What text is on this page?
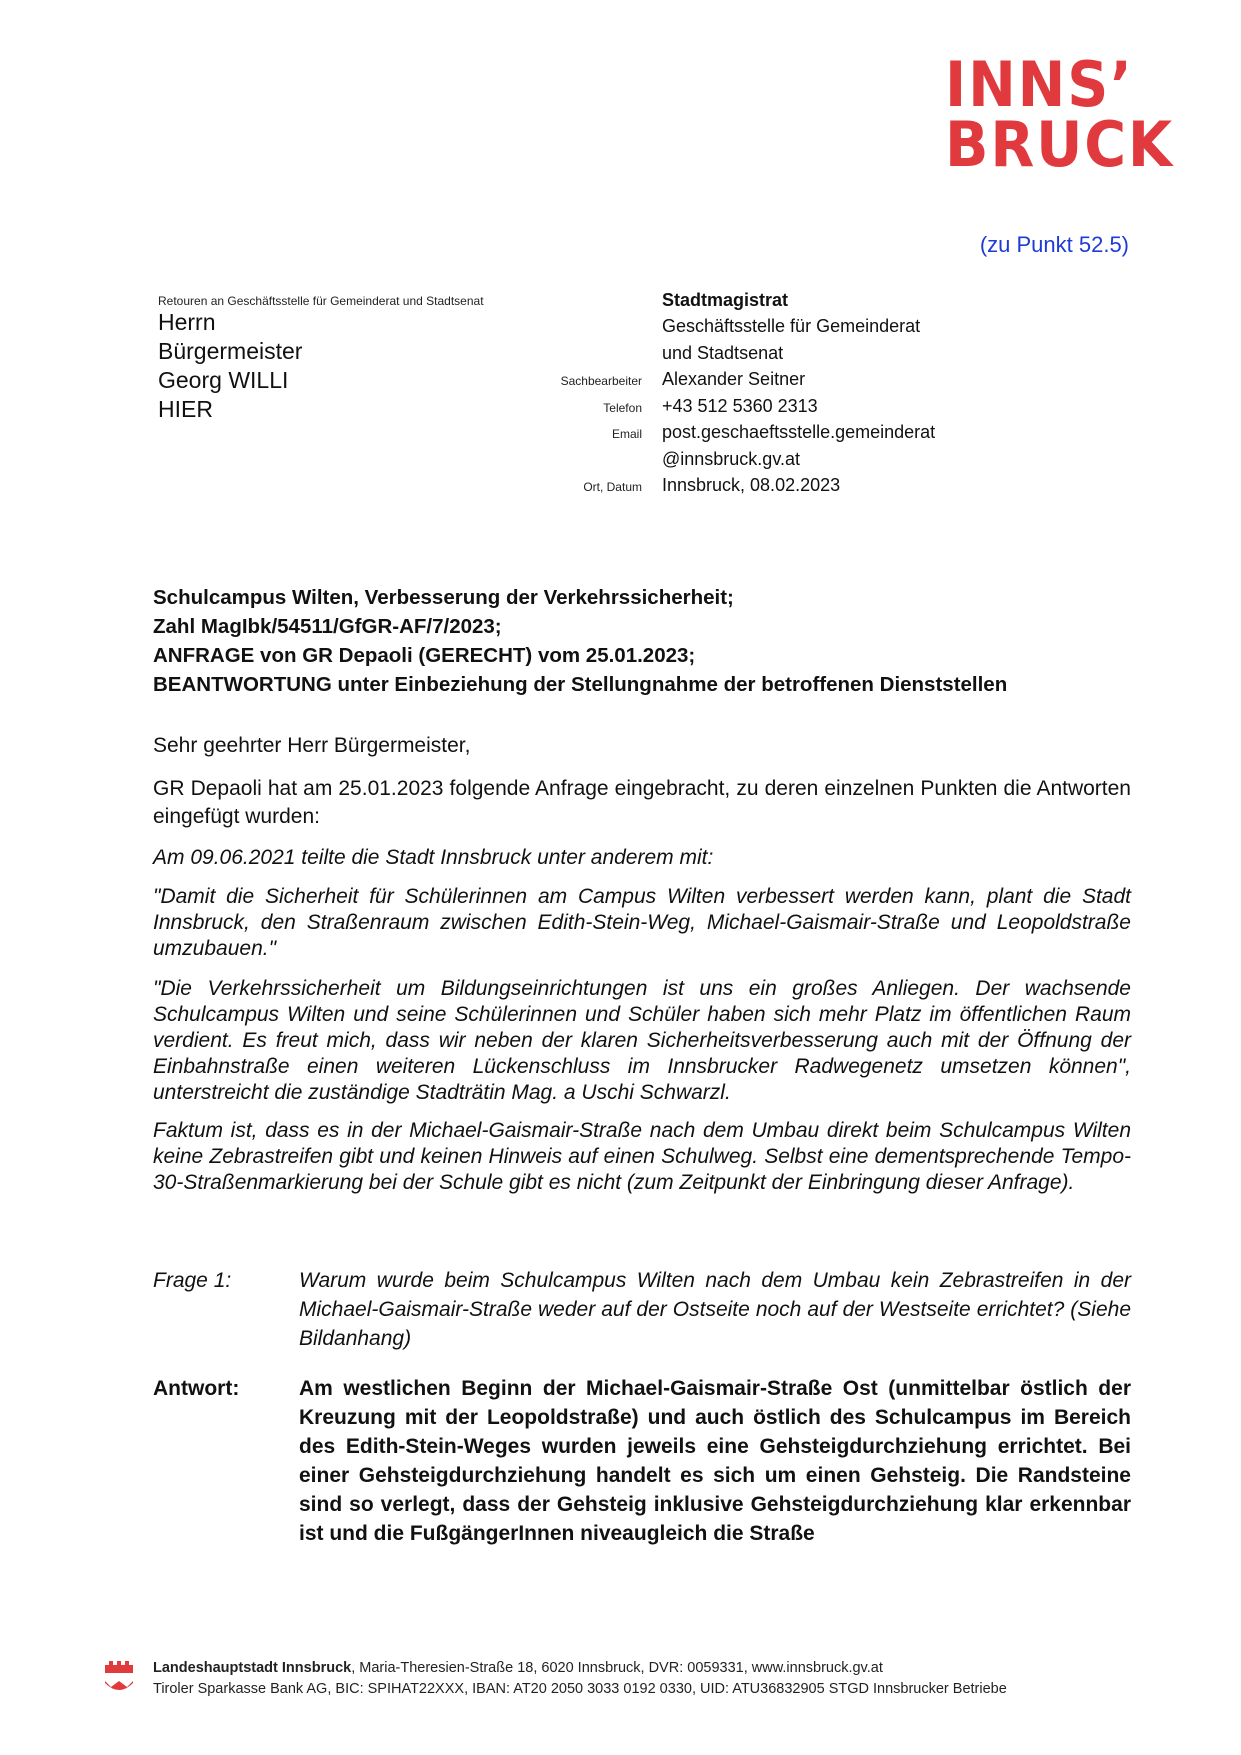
INNS’
BRUCK
(zu Punkt 52.5)
Retouren an Geschäftsstelle für Gemeinderat und Stadtsenat
Herrn
Bürgermeister
Georg WILLI
HIER
Stadtmagistrat
Geschäftsstelle für Gemeinderat
und Stadtsenat
Sachbearbeiter	Alexander Seitner
Telefon	+43 512 5360 2313
Email	post.geschaeftsstelle.gemeinderat
@innsbruck.gv.at
Ort, Datum	Innsbruck, 08.02.2023
Schulcampus Wilten, Verbesserung der Verkehrssicherheit;
Zahl MagIbk/54511/GfGR-AF/7/2023;
ANFRAGE von GR Depaoli (GERECHT) vom 25.01.2023;
BEANTWORTUNG unter Einbeziehung der Stellungnahme der betroffenen Dienststellen
Sehr geehrter Herr Bürgermeister,
GR Depaoli hat am 25.01.2023 folgende Anfrage eingebracht, zu deren einzelnen Punkten die Antworten eingefügt wurden:
Am 09.06.2021 teilte die Stadt Innsbruck unter anderem mit:
"Damit die Sicherheit für Schülerinnen am Campus Wilten verbessert werden kann, plant die Stadt Innsbruck, den Straßenraum zwischen Edith-Stein-Weg, Michael-Gaismair-Straße und Leopoldstraße umzubauen."
"Die Verkehrssicherheit um Bildungseinrichtungen ist uns ein großes Anliegen. Der wachsende Schulcampus Wilten und seine Schülerinnen und Schüler haben sich mehr Platz im öffentlichen Raum verdient. Es freut mich, dass wir neben der klaren Sicherheitsverbesserung auch mit der Öffnung der Einbahnstraße einen weiteren Lückenschluss im Innsbrucker Radwegenetz umsetzen können", unterstreicht die zuständige Stadträtin Mag. a Uschi Schwarzl.
Faktum ist, dass es in der Michael-Gaismair-Straße nach dem Umbau direkt beim Schulcampus Wilten keine Zebrastreifen gibt und keinen Hinweis auf einen Schulweg. Selbst eine dementsprechende Tempo-30-Straßenmarkierung bei der Schule gibt es nicht (zum Zeitpunkt der Einbringung dieser Anfrage).
Frage 1:	Warum wurde beim Schulcampus Wilten nach dem Umbau kein Zebrastreifen in der Michael-Gaismair-Straße weder auf der Ostseite noch auf der Westseite errichtet? (Siehe Bildanhang)
Antwort:	Am westlichen Beginn der Michael-Gaismair-Straße Ost (unmittelbar östlich der Kreuzung mit der Leopoldstraße) und auch östlich des Schulcampus im Bereich des Edith-Stein-Weges wurden jeweils eine Gehsteigdurchziehung errichtet. Bei einer Gehsteigdurchziehung handelt es sich um einen Gehsteig. Die Randsteine sind so verlegt, dass der Gehsteig inklusive Gehsteigdurchziehung klar erkennbar ist und die FußgängerInnen niveaugleich die Straße
Landeshauptstadt Innsbruck, Maria-Theresien-Straße 18, 6020 Innsbruck, DVR: 0059331, www.innsbruck.gv.at
Tiroler Sparkasse Bank AG, BIC: SPIHAT22XXX, IBAN: AT20 2050 3033 0192 0330, UID: ATU36832905 STGD Innsbrucker Betriebe
